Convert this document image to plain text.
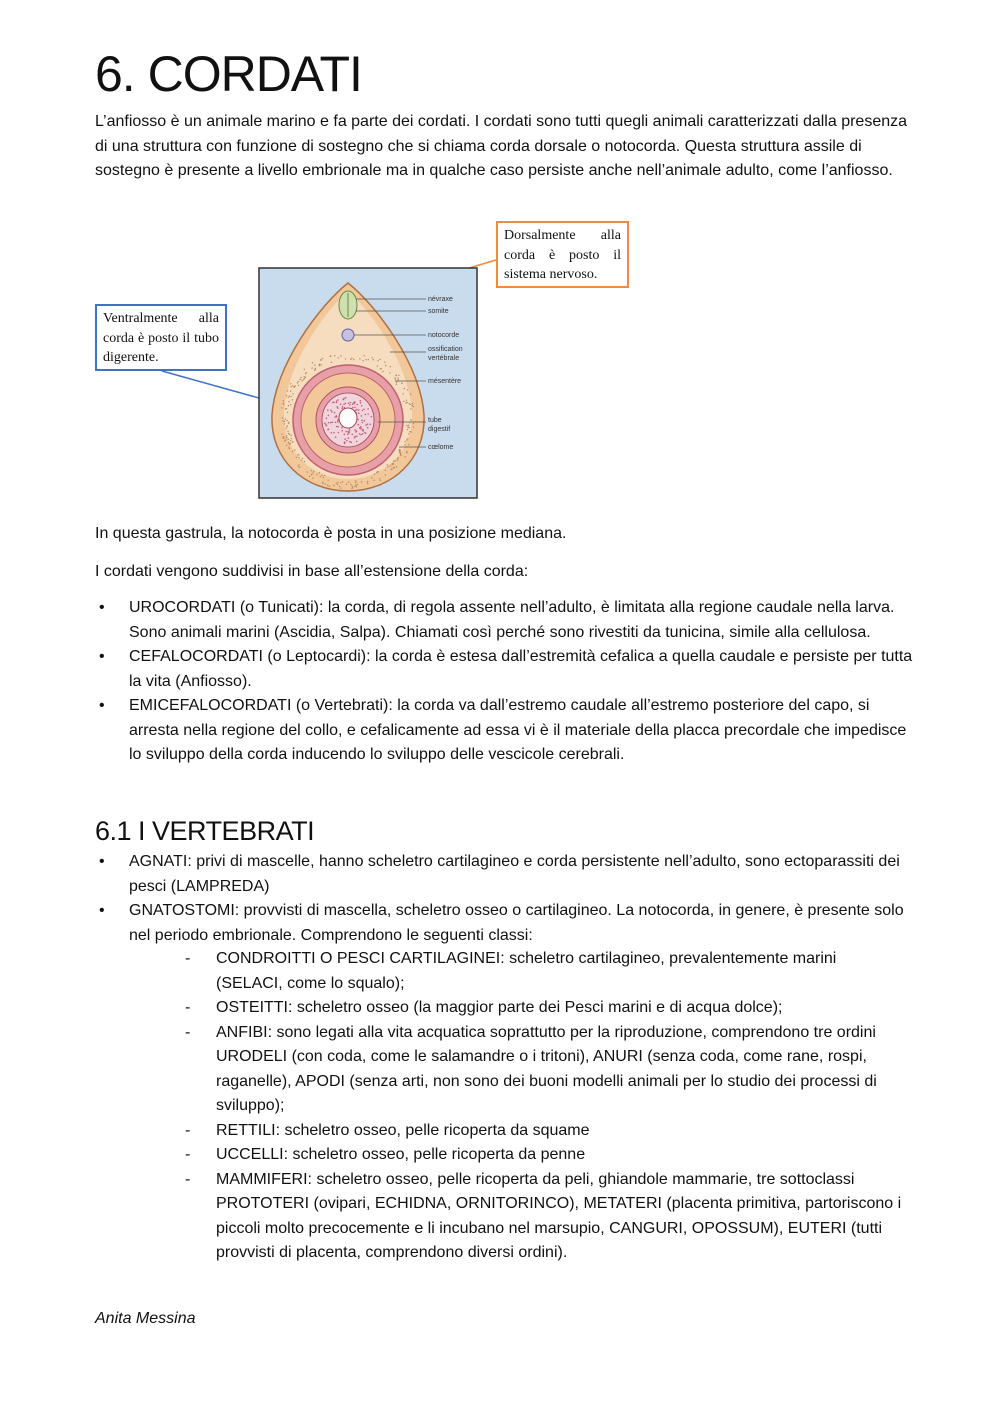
6. CORDATI

L’anfiosso è un animale marino e fa parte dei cordati. I cordati sono tutti quegli animali caratterizzati dalla presenza di una struttura con funzione di sostegno che si chiama corda dorsale o notocorda. Questa struttura assile di sostegno è presente a livello embrionale ma in qualche caso persiste anche nell’animale adulto, come l’anfiosso.

névraxe
somite
notocorde
ossification
vertébrale
mésentère
tube
digestif
cœlome
Dorsalmente alla corda è posto il sistema nervoso.
Ventralmente alla corda è posto il tubo digerente.

In questa gastrula, la notocorda è posta in una posizione mediana.

I cordati vengono suddivisi in base all’estensione della corda:

• UROCORDATI (o Tunicati): la corda, di regola assente nell’adulto, è limitata alla regione caudale nella larva. Sono animali marini (Ascidia, Salpa). Chiamati così perché sono rivestiti da tunicina, simile alla cellulosa.
• CEFALOCORDATI (o Leptocardi): la corda è estesa dall’estremità cefalica a quella caudale e persiste per tutta la vita (Anfiosso).
• EMICEFALOCORDATI (o Vertebrati): la corda va dall’estremo caudale all’estremo posteriore del capo, si arresta nella regione del collo, e cefalicamente ad essa vi è il materiale della placca precordale che impedisce lo sviluppo della corda inducendo lo sviluppo delle vescicole cerebrali.
6.1 I VERTEBRATI
• AGNATI: privi di mascelle, hanno scheletro cartilagineo e corda persistente nell’adulto, sono ectoparassiti dei pesci (LAMPREDA)
• GNATOSTOMI: provvisti di mascella, scheletro osseo o cartilagineo. La notocorda, in genere, è presente solo nel periodo embrionale. Comprendono le seguenti classi:
- CONDROITTI O PESCI CARTILAGINEI: scheletro cartilagineo, prevalentemente marini (SELACI, come lo squalo);
- OSTEITTI: scheletro osseo (la maggior parte dei Pesci marini e di acqua dolce);
- ANFIBI: sono legati alla vita acquatica soprattutto per la riproduzione, comprendono tre ordini URODELI (con coda, come le salamandre o i tritoni), ANURI (senza coda, come rane, rospi, raganelle), APODI (senza arti, non sono dei buoni modelli animali per lo studio dei processi di sviluppo);
- RETTILI: scheletro osseo, pelle ricoperta da squame
- UCCELLI: scheletro osseo, pelle ricoperta da penne
- MAMMIFERI: scheletro osseo, pelle ricoperta da peli, ghiandole mammarie, tre sottoclassi PROTOTERI (ovipari, ECHIDNA, ORNITORINCO), METATERI (placenta primitiva, partoriscono i piccoli molto precocemente e li incubano nel marsupio, CANGURI, OPOSSUM), EUTERI (tutti provvisti di placenta, comprendono diversi ordini).
Anita Messina
